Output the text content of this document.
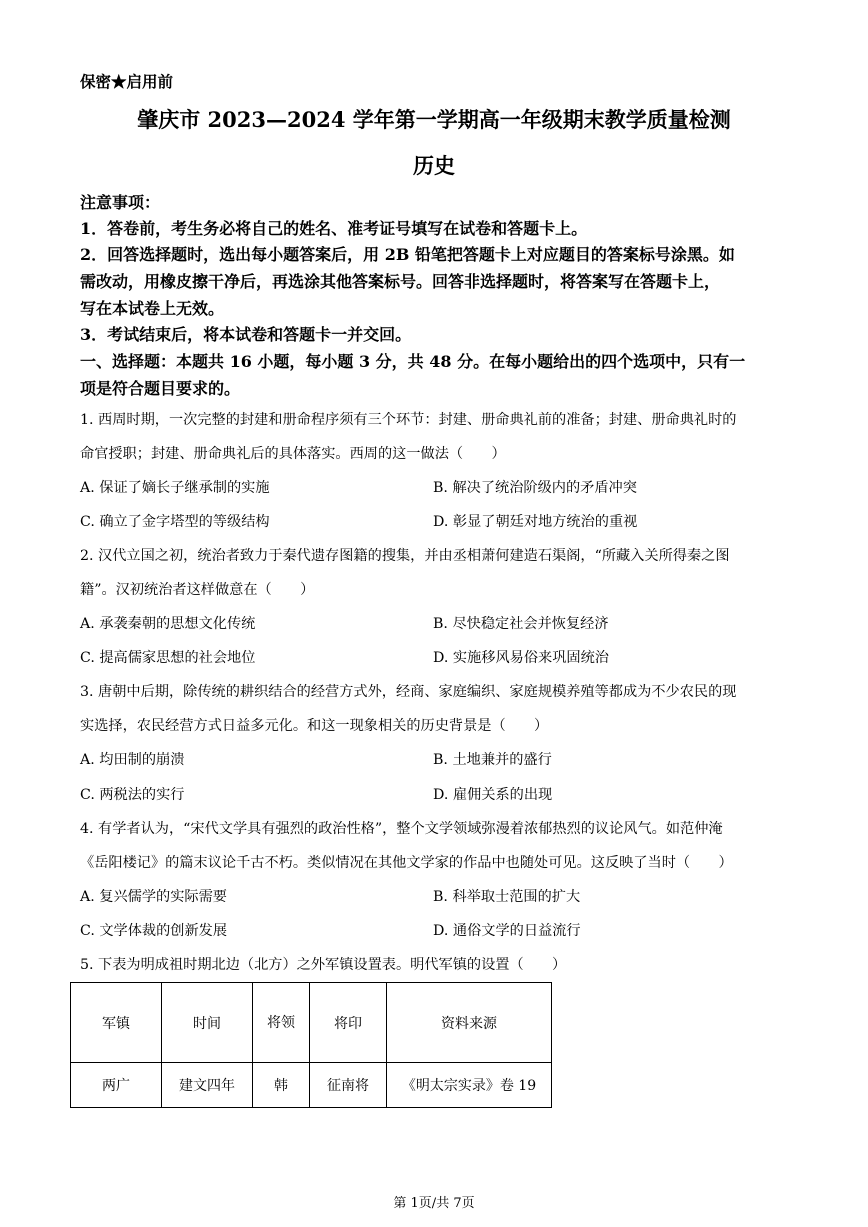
保密★启用前
肇庆市 2023—2024 学年第一学期高一年级期末教学质量检测
历史
注意事项：
1．答卷前，考生务必将自己的姓名、准考证号填写在试卷和答题卡上。
2．回答选择题时，选出每小题答案后，用 2B 铅笔把答题卡上对应题目的答案标号涂黑。如
需改动，用橡皮擦干净后，再选涂其他答案标号。回答非选择题时，将答案写在答题卡上，
写在本试卷上无效。
3．考试结束后，将本试卷和答题卡一并交回。
一、选择题：本题共 16 小题，每小题 3 分，共 48 分。在每小题给出的四个选项中，只有一
项是符合题目要求的。
1. 西周时期，一次完整的封建和册命程序须有三个环节：封建、册命典礼前的准备；封建、册命典礼时的
命官授职；封建、册命典礼后的具体落实。西周的这一做法（　　）
A. 保证了嫡长子继承制的实施	B. 解决了统治阶级内的矛盾冲突
C. 确立了金字塔型的等级结构	D. 彰显了朝廷对地方统治的重视
2. 汉代立国之初，统治者致力于秦代遗存图籍的搜集，并由丞相萧何建造石渠阁，“所藏入关所得秦之图
籍”。汉初统治者这样做意在（　　）
A. 承袭秦朝的思想文化传统	B. 尽快稳定社会并恢复经济
C. 提高儒家思想的社会地位	D. 实施移风易俗来巩固统治
3. 唐朝中后期，除传统的耕织结合的经营方式外，经商、家庭编织、家庭规模养殖等都成为不少农民的现
实选择，农民经营方式日益多元化。和这一现象相关的历史背景是（　　）
A. 均田制的崩溃	B. 土地兼并的盛行
C. 两税法的实行	D. 雇佣关系的出现
4. 有学者认为，“宋代文学具有强烈的政治性格”，整个文学领域弥漫着浓郁热烈的议论风气。如范仲淹
《岳阳楼记》的篇末议论千古不朽。类似情况在其他文学家的作品中也随处可见。这反映了当时（　　）
A. 复兴儒学的实际需要	B. 科举取士范围的扩大
C. 文学体裁的创新发展	D. 通俗文学的日益流行
5. 下表为明成祖时期北边（北方）之外军镇设置表。明代军镇的设置（　　）
军镇	时间	将领	将印	资料来源
两广	建文四年	韩	征南将	《明太宗实录》卷 19
第 1页/共 7页
